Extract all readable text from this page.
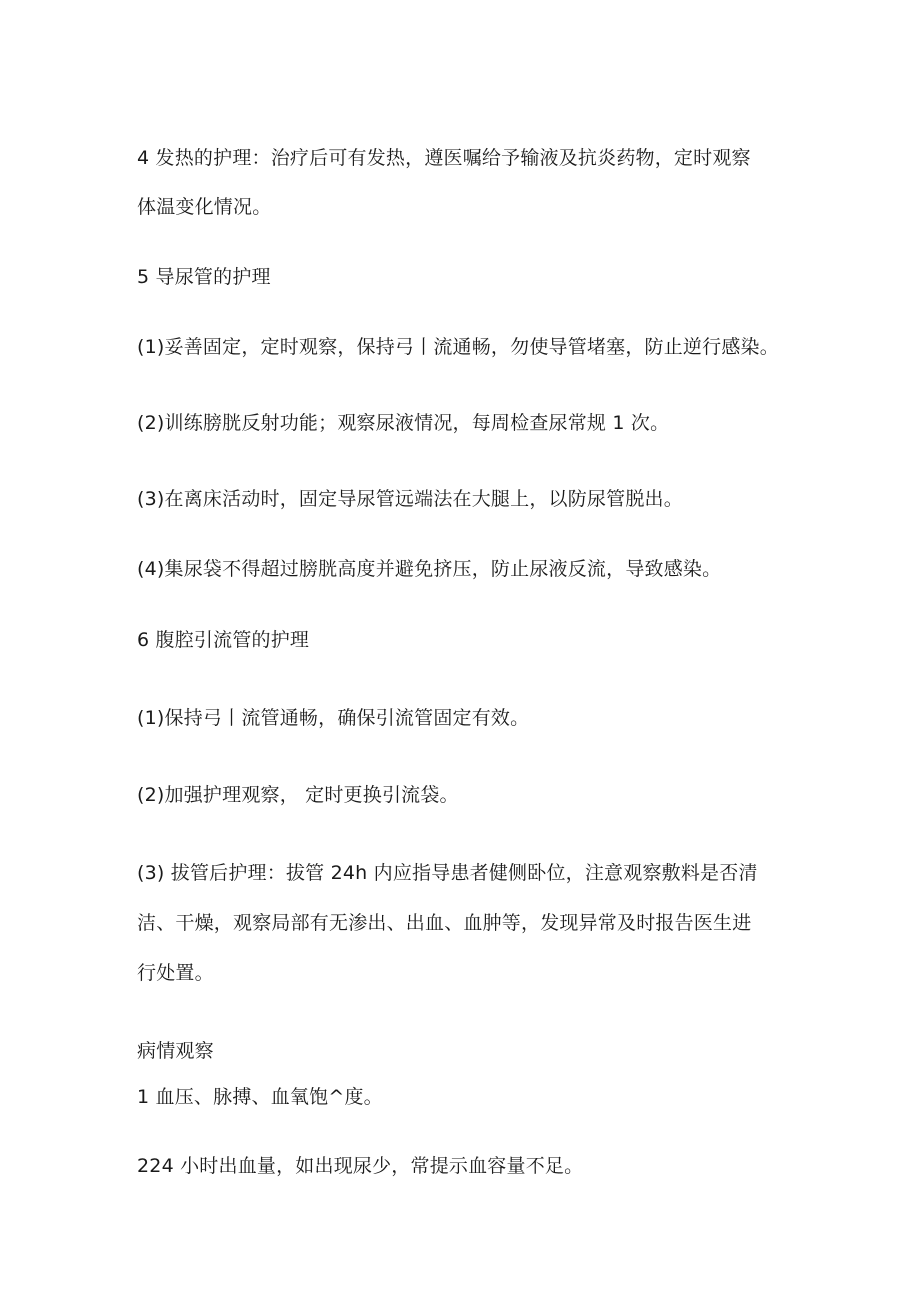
4 发热的护理：治疗后可有发热，遵医嘱给予输液及抗炎药物，定时观察
体温变化情况。
5 导尿管的护理
(1)妥善固定，定时观察，保持弓丨流通畅，勿使导管堵塞，防止逆行感染。
(2)训练膀胱反射功能；观察尿液情况，每周检查尿常规 1 次。
(3)在离床活动时，固定导尿管远端法在大腿上，以防尿管脱出。
(4)集尿袋不得超过膀胱高度并避免挤压，防止尿液反流，导致感染。
6 腹腔引流管的护理
(1)保持弓丨流管通畅，确保引流管固定有效。
(2)加强护理观察， 定时更换引流袋。
(3) 拔管后护理：拔管 24h 内应指导患者健侧卧位，注意观察敷料是否清
洁、干燥，观察局部有无渗出、出血、血肿等，发现异常及时报告医生进
行处置。
病情观察
1 血压、脉搏、血氧饱^度。
224 小时出血量，如出现尿少，常提示血容量不足。
